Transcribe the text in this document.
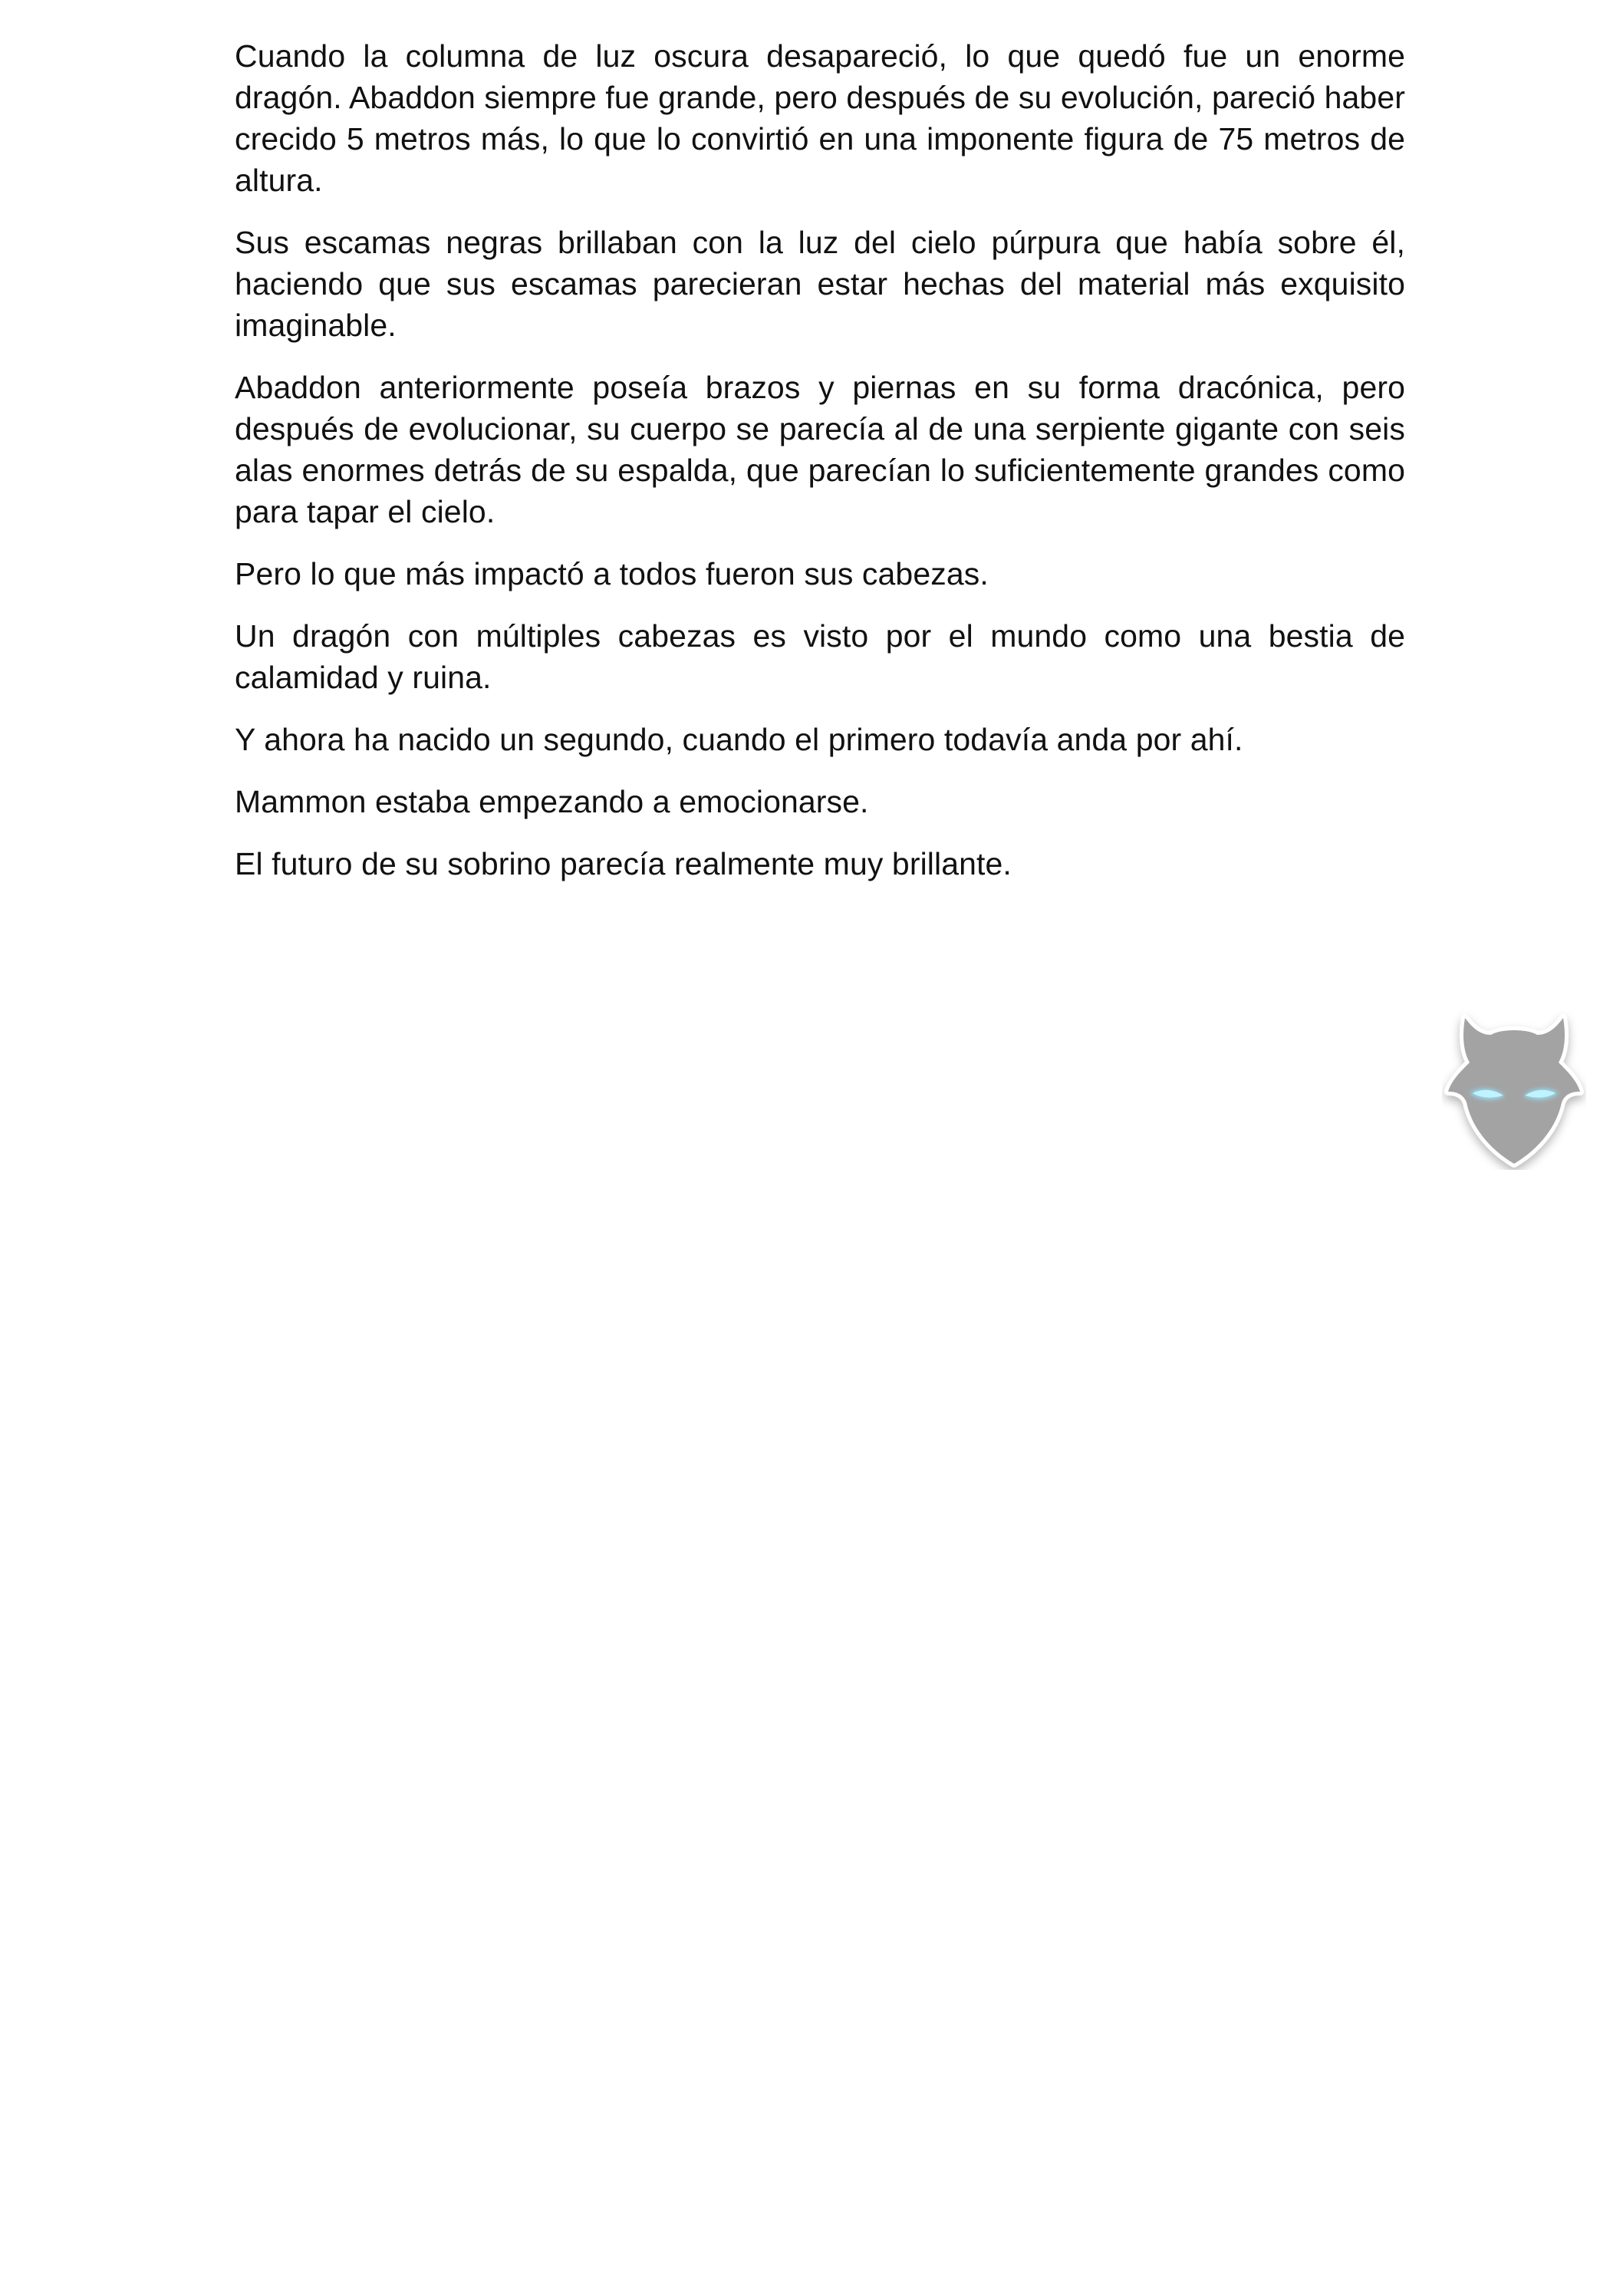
Cuando la columna de luz oscura desapareció, lo que quedó fue un enorme dragón. Abaddon siempre fue grande, pero después de su evolución, pareció haber crecido 5 metros más, lo que lo convirtió en una imponente figura de 75 metros de altura.

Sus escamas negras brillaban con la luz del cielo púrpura que había sobre él, haciendo que sus escamas parecieran estar hechas del material más exquisito imaginable.

Abaddon anteriormente poseía brazos y piernas en su forma dracónica, pero después de evolucionar, su cuerpo se parecía al de una serpiente gigante con seis alas enormes detrás de su espalda, que parecían lo suficientemente grandes como para tapar el cielo.

Pero lo que más impactó a todos fueron sus cabezas.

Un dragón con múltiples cabezas es visto por el mundo como una bestia de calamidad y ruina.

Y ahora ha nacido un segundo, cuando el primero todavía anda por ahí.

Mammon estaba empezando a emocionarse.

El futuro de su sobrino parecía realmente muy brillante.
